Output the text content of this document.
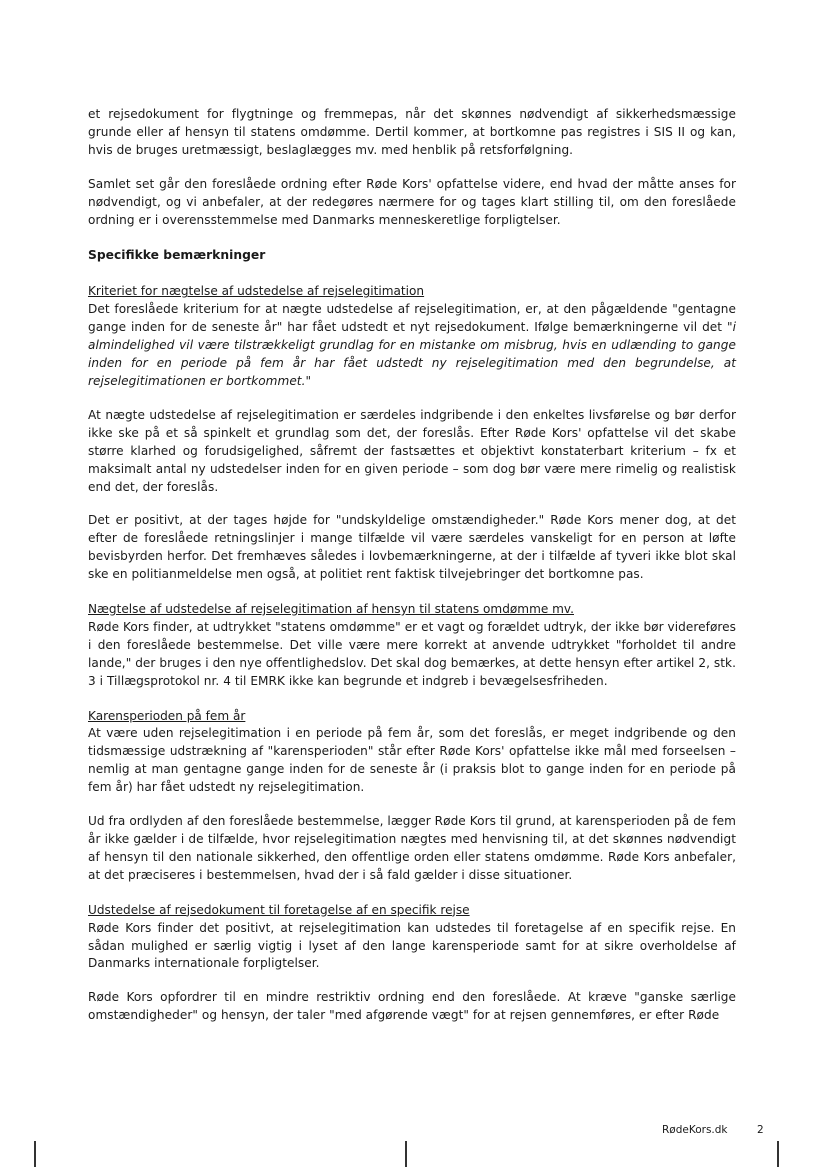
et rejsedokument for flygtninge og fremmepas, når det skønnes nødvendigt af sikkerhedsmæssige grunde eller af hensyn til statens omdømme. Dertil kommer, at bortkomne pas registres i SIS II og kan, hvis de bruges uretmæssigt, beslaglægges mv. med henblik på retsforfølgning.

Samlet set går den foreslåede ordning efter Røde Kors' opfattelse videre, end hvad der måtte anses for nødvendigt, og vi anbefaler, at der redegøres nærmere for og tages klart stilling til, om den foreslåede ordning er i overensstemmelse med Danmarks menneskeretlige forpligtelser.

Specifikke bemærkninger

Kriteriet for nægtelse af udstedelse af rejselegitimation

Det foreslåede kriterium for at nægte udstedelse af rejselegitimation, er, at den pågældende "gentagne gange inden for de seneste år" har fået udstedt et nyt rejsedokument. Ifølge bemærkningerne vil det "i almindelighed vil være tilstrækkeligt grundlag for en mistanke om misbrug, hvis en udlænding to gange inden for en periode på fem år har fået udstedt ny rejselegitimation med den begrundelse, at rejselegitimationen er bortkommet."

At nægte udstedelse af rejselegitimation er særdeles indgribende i den enkeltes livsførelse og bør derfor ikke ske på et så spinkelt et grundlag som det, der foreslås. Efter Røde Kors' opfattelse vil det skabe større klarhed og forudsigelighed, såfremt der fastsættes et objektivt konstaterbart kriterium – fx et maksimalt antal ny udstedelser inden for en given periode – som dog bør være mere rimelig og realistisk end det, der foreslås.

Det er positivt, at der tages højde for "undskyldelige omstændigheder." Røde Kors mener dog, at det efter de foreslåede retningslinjer i mange tilfælde vil være særdeles vanskeligt for en person at løfte bevisbyrden herfor. Det fremhæves således i lovbemærkningerne, at der i tilfælde af tyveri ikke blot skal ske en politianmeldelse men også, at politiet rent faktisk tilvejebringer det bortkomne pas.

Nægtelse af udstedelse af rejselegitimation af hensyn til statens omdømme mv.

Røde Kors finder, at udtrykket "statens omdømme" er et vagt og forældet udtryk, der ikke bør videreføres i den foreslåede bestemmelse. Det ville være mere korrekt at anvende udtrykket "forholdet til andre lande," der bruges i den nye offentlighedslov. Det skal dog bemærkes, at dette hensyn efter artikel 2, stk. 3 i Tillægsprotokol nr. 4 til EMRK ikke kan begrunde et indgreb i bevægelsesfriheden.

Karensperioden på fem år

At være uden rejselegitimation i en periode på fem år, som det foreslås, er meget indgribende og den tidsmæssige udstrækning af "karensperioden" står efter Røde Kors' opfattelse ikke mål med forseelsen – nemlig at man gentagne gange inden for de seneste år (i praksis blot to gange inden for en periode på fem år) har fået udstedt ny rejselegitimation.

Ud fra ordlyden af den foreslåede bestemmelse, lægger Røde Kors til grund, at karensperioden på de fem år ikke gælder i de tilfælde, hvor rejselegitimation nægtes med henvisning til, at det skønnes nødvendigt af hensyn til den nationale sikkerhed, den offentlige orden eller statens omdømme. Røde Kors anbefaler, at det præciseres i bestemmelsen, hvad der i så fald gælder i disse situationer.

Udstedelse af rejsedokument til foretagelse af en specifik rejse

Røde Kors finder det positivt, at rejselegitimation kan udstedes til foretagelse af en specifik rejse. En sådan mulighed er særlig vigtig i lyset af den lange karensperiode samt for at sikre overholdelse af Danmarks internationale forpligtelser.

Røde Kors opfordrer til en mindre restriktiv ordning end den foreslåede. At kræve "ganske særlige omstændigheder" og hensyn, der taler "med afgørende vægt" for at rejsen gennemføres, er efter Røde

RødeKors.dk	2
